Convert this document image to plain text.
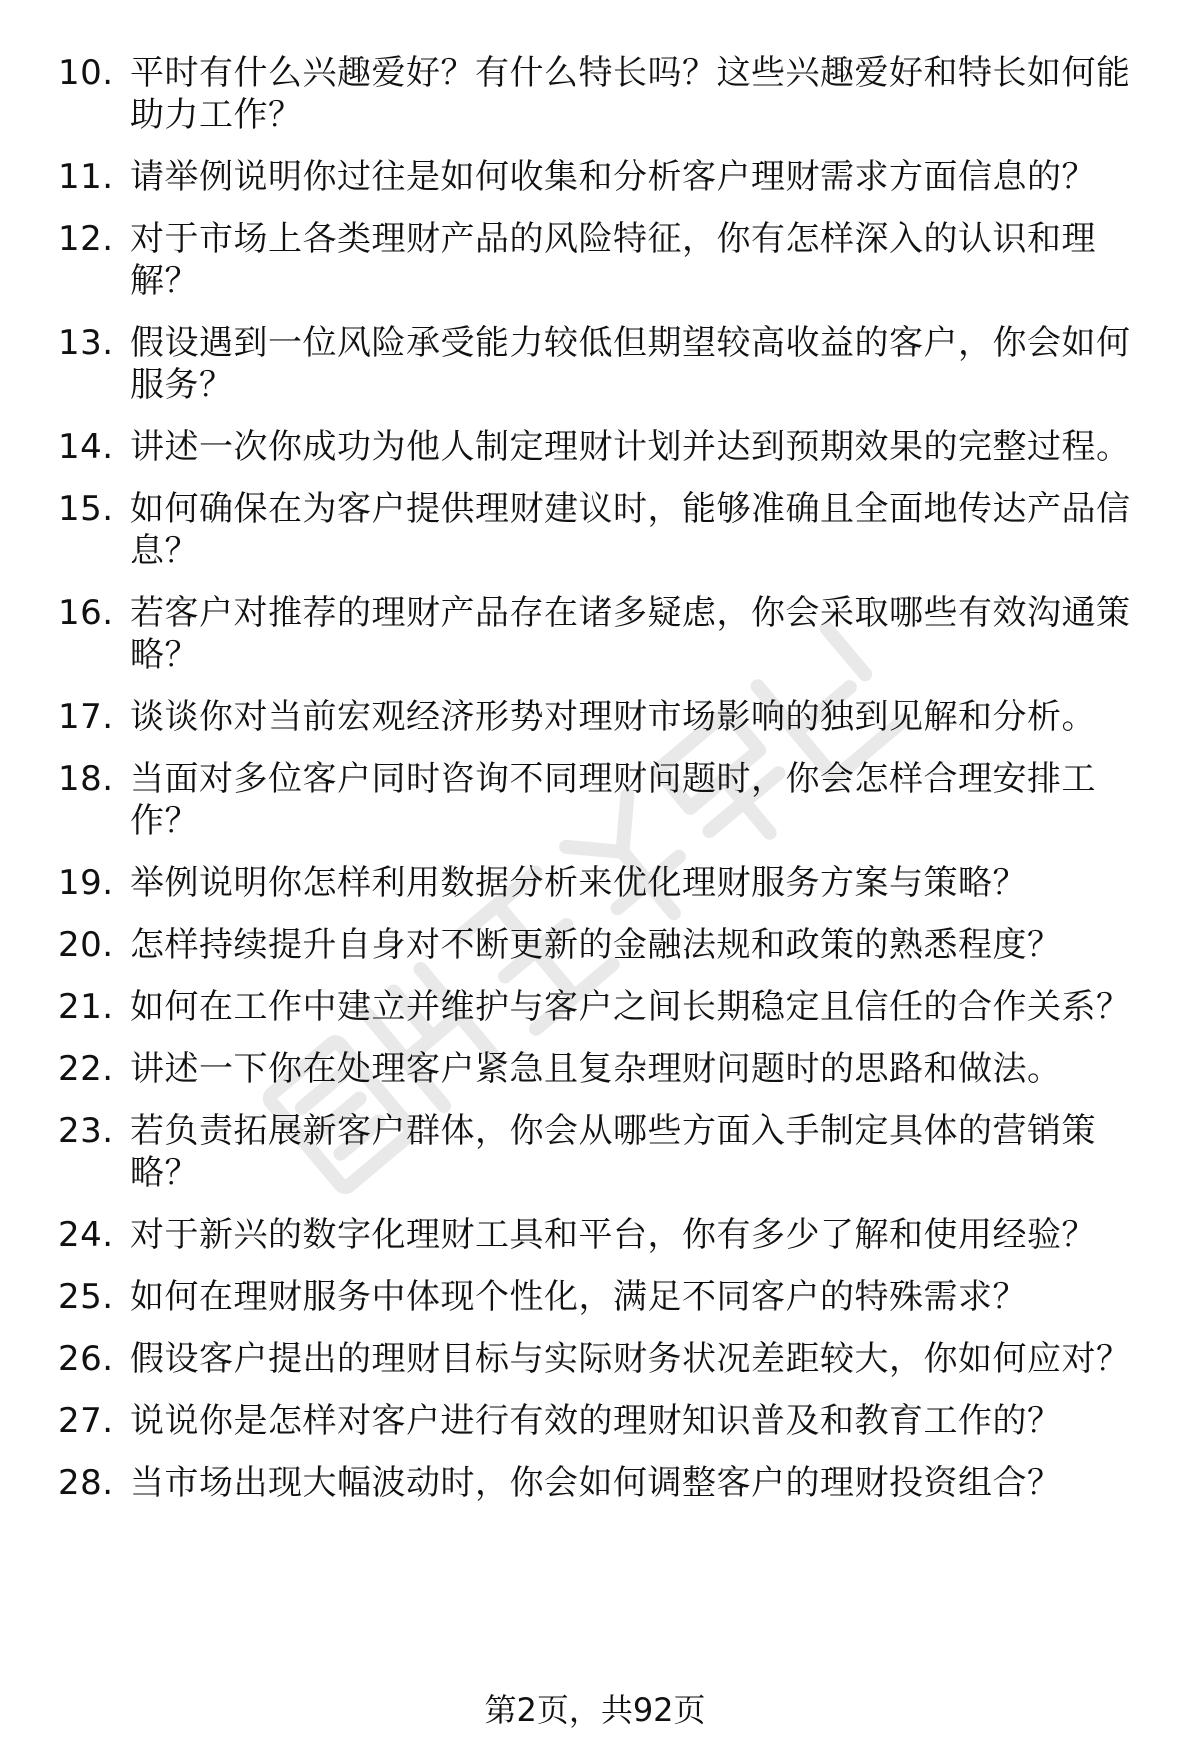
10. 平时有什么兴趣爱好？有什么特长吗？这些兴趣爱好和特长如何能助力工作？
11. 请举例说明你过往是如何收集和分析客户理财需求方面信息的？
12. 对于市场上各类理财产品的风险特征，你有怎样深入的认识和理解？
13. 假设遇到一位风险承受能力较低但期望较高收益的客户，你会如何服务？
14. 讲述一次你成功为他人制定理财计划并达到预期效果的完整过程。
15. 如何确保在为客户提供理财建议时，能够准确且全面地传达产品信息？
16. 若客户对推荐的理财产品存在诸多疑虑，你会采取哪些有效沟通策略？
17. 谈谈你对当前宏观经济形势对理财市场影响的独到见解和分析。
18. 当面对多位客户同时咨询不同理财问题时，你会怎样合理安排工作？
19. 举例说明你怎样利用数据分析来优化理财服务方案与策略？
20. 怎样持续提升自身对不断更新的金融法规和政策的熟悉程度？
21. 如何在工作中建立并维护与客户之间长期稳定且信任的合作关系？
22. 讲述一下你在处理客户紧急且复杂理财问题时的思路和做法。
23. 若负责拓展新客户群体，你会从哪些方面入手制定具体的营销策略？
24. 对于新兴的数字化理财工具和平台，你有多少了解和使用经验？
25. 如何在理财服务中体现个性化，满足不同客户的特殊需求？
26. 假设客户提出的理财目标与实际财务状况差距较大，你如何应对？
27. 说说你是怎样对客户进行有效的理财知识普及和教育工作的？
28. 当市场出现大幅波动时，你会如何调整客户的理财投资组合？
第2页，共92页
